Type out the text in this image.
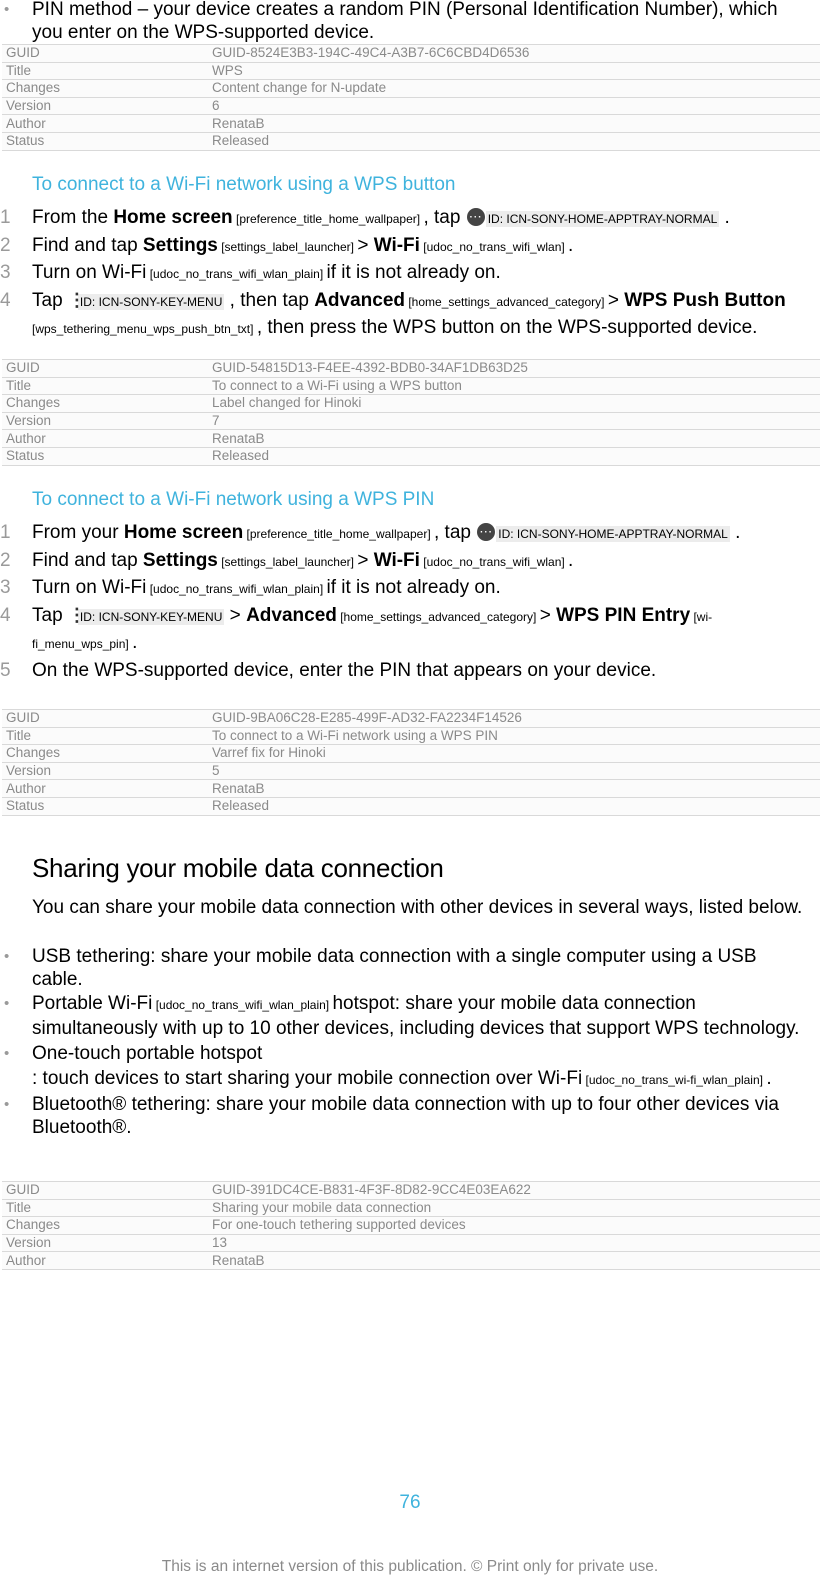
• PIN method – your device creates a random PIN (Personal Identification Number), which you enter on the WPS-supported device.
GUID	GUID-8524E3B3-194C-49C4-A3B7-6C6CBD4D6536
Title	WPS
Changes	Content change for N-update
Version	6
Author	RenataB
Status	Released
To connect to a Wi-Fi network using a WPS button
1 From the Home screen [preference_title_home_wallpaper] , tap ⋯ID: ICN-SONY-HOME-APPTRAY-NORMAL .
2 Find and tap Settings [settings_label_launcher] > Wi-Fi [udoc_no_trans_wifi_wlan] .
3 Turn on Wi-Fi [udoc_no_trans_wifi_wlan_plain] if it is not already on.
4 Tap ⋮ID: ICN-SONY-KEY-MENU , then tap Advanced [home_settings_advanced_category] > WPS Push Button [wps_tethering_menu_wps_push_btn_txt] , then press the WPS button on the WPS-supported device.
GUID	GUID-54815D13-F4EE-4392-BDB0-34AF1DB63D25
Title	To connect to a Wi-Fi using a WPS button
Changes	Label changed for Hinoki
Version	7
Author	RenataB
Status	Released
To connect to a Wi-Fi network using a WPS PIN
1 From your Home screen [preference_title_home_wallpaper] , tap ⋯ID: ICN-SONY-HOME-APPTRAY-NORMAL .
2 Find and tap Settings [settings_label_launcher] > Wi-Fi [udoc_no_trans_wifi_wlan] .
3 Turn on Wi-Fi [udoc_no_trans_wifi_wlan_plain] if it is not already on.
4 Tap ⋮ID: ICN-SONY-KEY-MENU > Advanced [home_settings_advanced_category] > WPS PIN Entry [wi-fi_menu_wps_pin] .
5 On the WPS-supported device, enter the PIN that appears on your device.
GUID	GUID-9BA06C28-E285-499F-AD32-FA2234F14526
Title	To connect to a Wi-Fi network using a WPS PIN
Changes	Varref fix for Hinoki
Version	5
Author	RenataB
Status	Released
Sharing your mobile data connection
You can share your mobile data connection with other devices in several ways, listed below.
• USB tethering: share your mobile data connection with a single computer using a USB cable.
• Portable Wi-Fi [udoc_no_trans_wifi_wlan_plain] hotspot: share your mobile data connection simultaneously with up to 10 other devices, including devices that support WPS technology.
• One-touch portable hotspot
: touch devices to start sharing your mobile connection over Wi-Fi [udoc_no_trans_wi-fi_wlan_plain] .
• Bluetooth® tethering: share your mobile data connection with up to four other devices via Bluetooth®.
GUID	GUID-391DC4CE-B831-4F3F-8D82-9CC4E03EA622
Title	Sharing your mobile data connection
Changes	For one-touch tethering supported devices
Version	13
Author	RenataB
76
This is an internet version of this publication. © Print only for private use.
